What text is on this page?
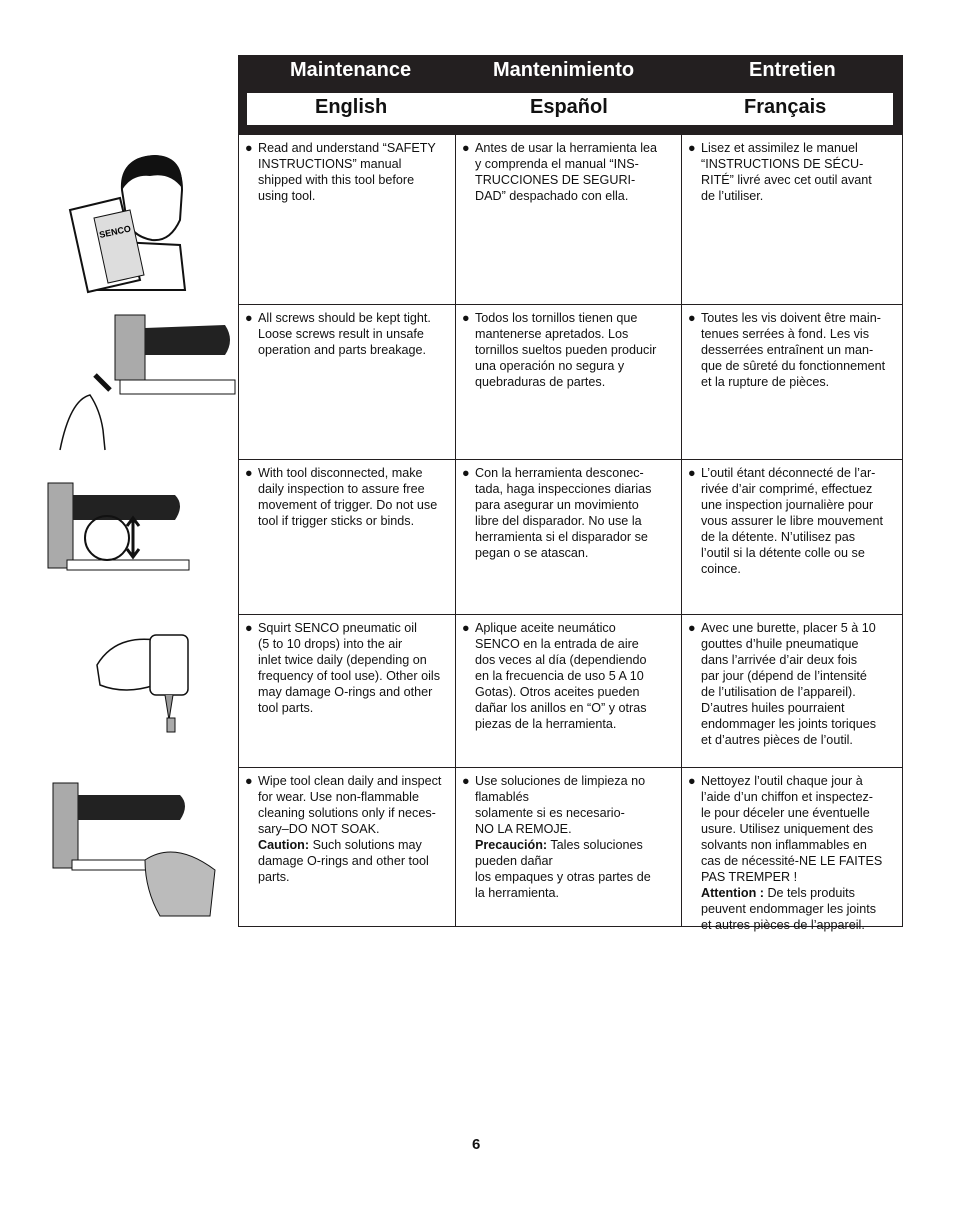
Maintenance	Mantenimiento	Entretien
English	Español	Français
● Read and understand “SAFETY
INSTRUCTIONS” manual
shipped with this tool before
using tool.
● Antes de usar la herramienta lea
y comprenda el manual “INS-
TRUCCIONES DE SEGURI-
DAD” despachado con ella.
● Lisez et assimilez le manuel
“INSTRUCTIONS DE SÉCU-
RITÉ” livré avec cet outil avant
de l’utiliser.
● All screws should be kept tight.
Loose screws result in unsafe
operation and parts breakage.
● Todos los tornillos tienen que
mantenerse apretados. Los
tornillos sueltos pueden producir
una operación no segura y
quebraduras de partes.
● Toutes les vis doivent être main-
tenues serrées à fond. Les vis
desserrées entraînent un man-
que de sûreté du fonctionnement
et la rupture de pièces.
● With tool disconnected, make
daily inspection to assure free
movement of trigger. Do not use
tool if trigger sticks or binds.
● Con la herramienta desconec-
tada, haga inspecciones diarias
para asegurar un movimiento
libre del disparador. No use la
herramienta si el disparador se
pegan o se atascan.
● L’outil étant déconnecté de l’ar-
rivée d’air comprimé, effectuez
une inspection journalière pour
vous assurer le libre mouvement
de la détente. N’utilisez pas
l’outil si la détente colle ou se
coince.
● Squirt SENCO pneumatic oil
(5 to 10 drops) into the air
inlet twice daily (depending on
frequency of tool use). Other oils
may damage O-rings and other
tool parts.
● Aplique aceite neumático
SENCO en la entrada de aire
dos veces al día (dependiendo
en la frecuencia de uso 5 A 10
Gotas). Otros aceites pueden
dañar los anillos en “O” y otras
piezas de la herramienta.
● Avec une burette, placer 5 à 10
gouttes d’huile pneumatique
dans l’arrivée d’air deux fois
par jour (dépend de l’intensité
de l’utilisation de l’appareil).
D’autres huiles pourraient
endommager les joints toriques
et d’autres pièces de l’outil.
● Wipe tool clean daily and inspect
for wear. Use non-flammable
cleaning solutions only if neces-
sary–DO NOT SOAK.
Caution: Such solutions may
damage O-rings and other tool
parts.
● Use soluciones de limpieza no
flamablés
solamente si es necesario-
NO LA REMOJE.
Precaución: Tales soluciones
pueden dañar
los empaques y otras partes de
la herramienta.
● Nettoyez l’outil chaque jour à
l’aide d’un chiffon et inspectez-
le pour déceler une éventuelle
usure. Utilisez uniquement des
solvants non inflammables en
cas de nécessité-NE LE FAITES
PAS TREMPER !
Attention : De tels produits
peuvent endommager les joints
et autres pièces de l’appareil.
SENCO
6
